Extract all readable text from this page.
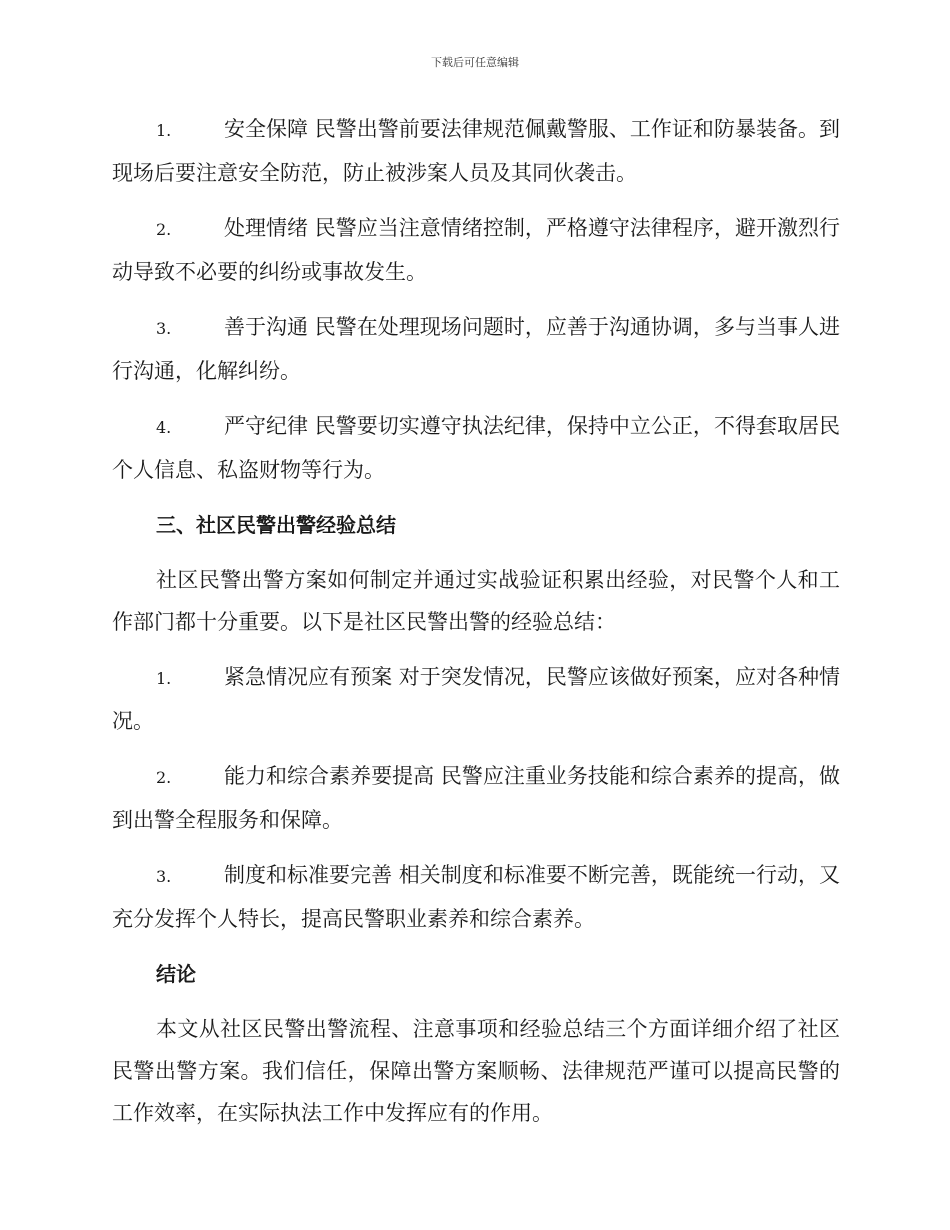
下载后可任意编辑

1.	安全保障 民警出警前要法律规范佩戴警服、工作证和防暴装备。到现场后要注意安全防范，防止被涉案人员及其同伙袭击。

2.	处理情绪 民警应当注意情绪控制，严格遵守法律程序，避开激烈行动导致不必要的纠纷或事故发生。

3.	善于沟通 民警在处理现场问题时，应善于沟通协调，多与当事人进行沟通，化解纠纷。

4.	严守纪律 民警要切实遵守执法纪律，保持中立公正，不得套取居民个人信息、私盗财物等行为。

三、社区民警出警经验总结

社区民警出警方案如何制定并通过实战验证积累出经验，对民警个人和工作部门都十分重要。以下是社区民警出警的经验总结：

1.	紧急情况应有预案 对于突发情况，民警应该做好预案，应对各种情况。

2.	能力和综合素养要提高 民警应注重业务技能和综合素养的提高，做到出警全程服务和保障。

3.	制度和标准要完善 相关制度和标准要不断完善，既能统一行动，又充分发挥个人特长，提高民警职业素养和综合素养。

结论

本文从社区民警出警流程、注意事项和经验总结三个方面详细介绍了社区民警出警方案。我们信任，保障出警方案顺畅、法律规范严谨可以提高民警的工作效率，在实际执法工作中发挥应有的作用。
